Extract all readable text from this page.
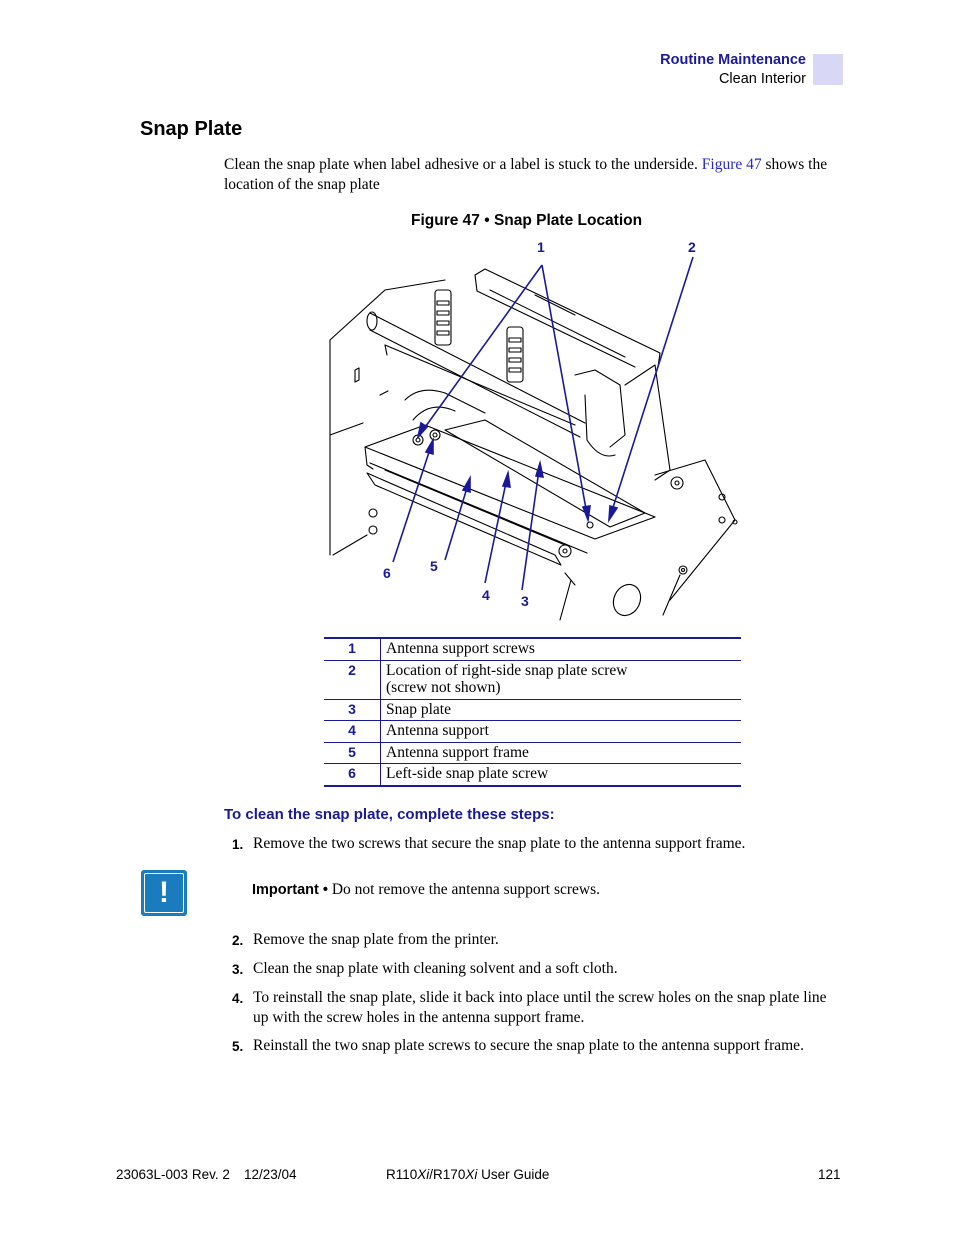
Routine Maintenance
Clean Interior
Snap Plate
Clean the snap plate when label adhesive or a label is stuck to the underside. Figure 47 shows the location of the snap plate
Figure 47 • Snap Plate Location
1	2
3
4
5
6
1	Antenna support screws
2	Location of right-side snap plate screw
(screw not shown)
3	Snap plate
4	Antenna support
5	Antenna support frame
6	Left-side snap plate screw
To clean the snap plate, complete these steps:
1. Remove the two screws that secure the snap plate to the antenna support frame.
!	Important • Do not remove the antenna support screws.
2. Remove the snap plate from the printer.
3. Clean the snap plate with cleaning solvent and a soft cloth.
4. To reinstall the snap plate, slide it back into place until the screw holes on the snap plate line up with the screw holes in the antenna support frame.
5. Reinstall the two snap plate screws to secure the snap plate to the antenna support frame.
23063L-003 Rev. 2 12/23/04	R110Xi/R170Xi User Guide	121
